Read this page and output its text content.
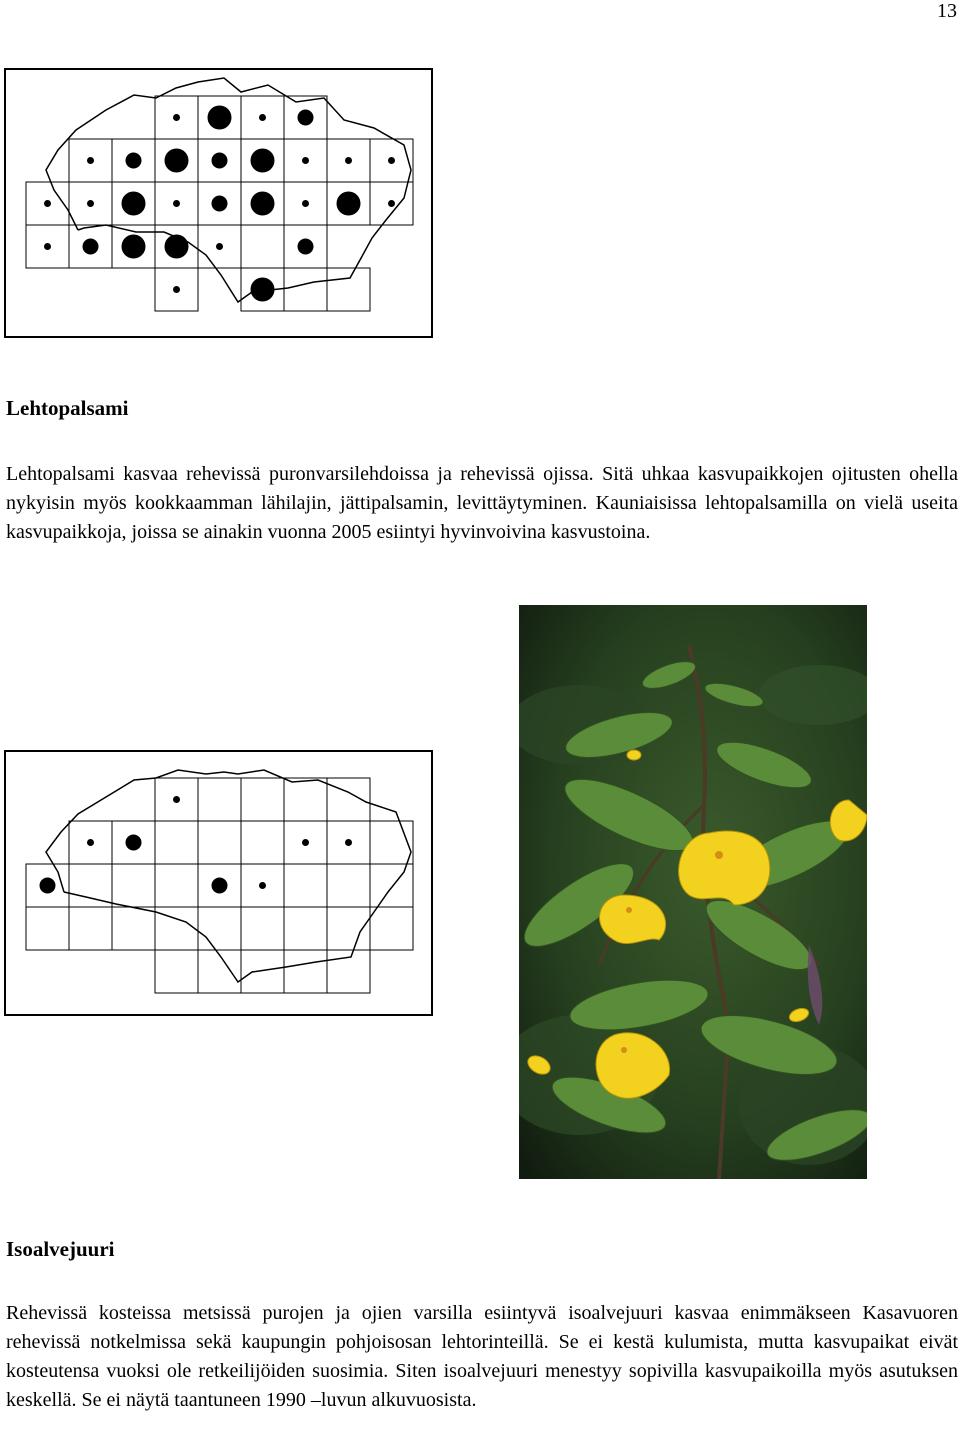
13
Lehtopalsami

Lehtopalsami kasvaa rehevissä puronvarsilehdoissa ja rehevissä ojissa. Sitä uhkaa kasvupaikkojen ojitusten ohella nykyisin myös kookkaamman lähilajin, jättipalsamin, levittäytyminen. Kauniaisissa lehtopalsamilla on vielä useita kasvupaikkoja, joissa se ainakin vuonna 2005 esiintyi hyvinvoivina kasvustoina.

Isoalvejuuri

Rehevissä kosteissa metsissä purojen ja ojien varsilla esiintyvä isoalvejuuri kasvaa enimmäkseen Kasavuoren rehevissä notkelmissa sekä kaupungin pohjoisosan lehtorinteillä. Se ei kestä kulumista, mutta kasvupaikat eivät kosteutensa vuoksi ole retkeilijöiden suosimia. Siten isoalvejuuri menestyy sopivilla kasvupaikoilla myös asutuksen keskellä. Se ei näytä taantuneen 1990 –luvun alkuvuosista.
